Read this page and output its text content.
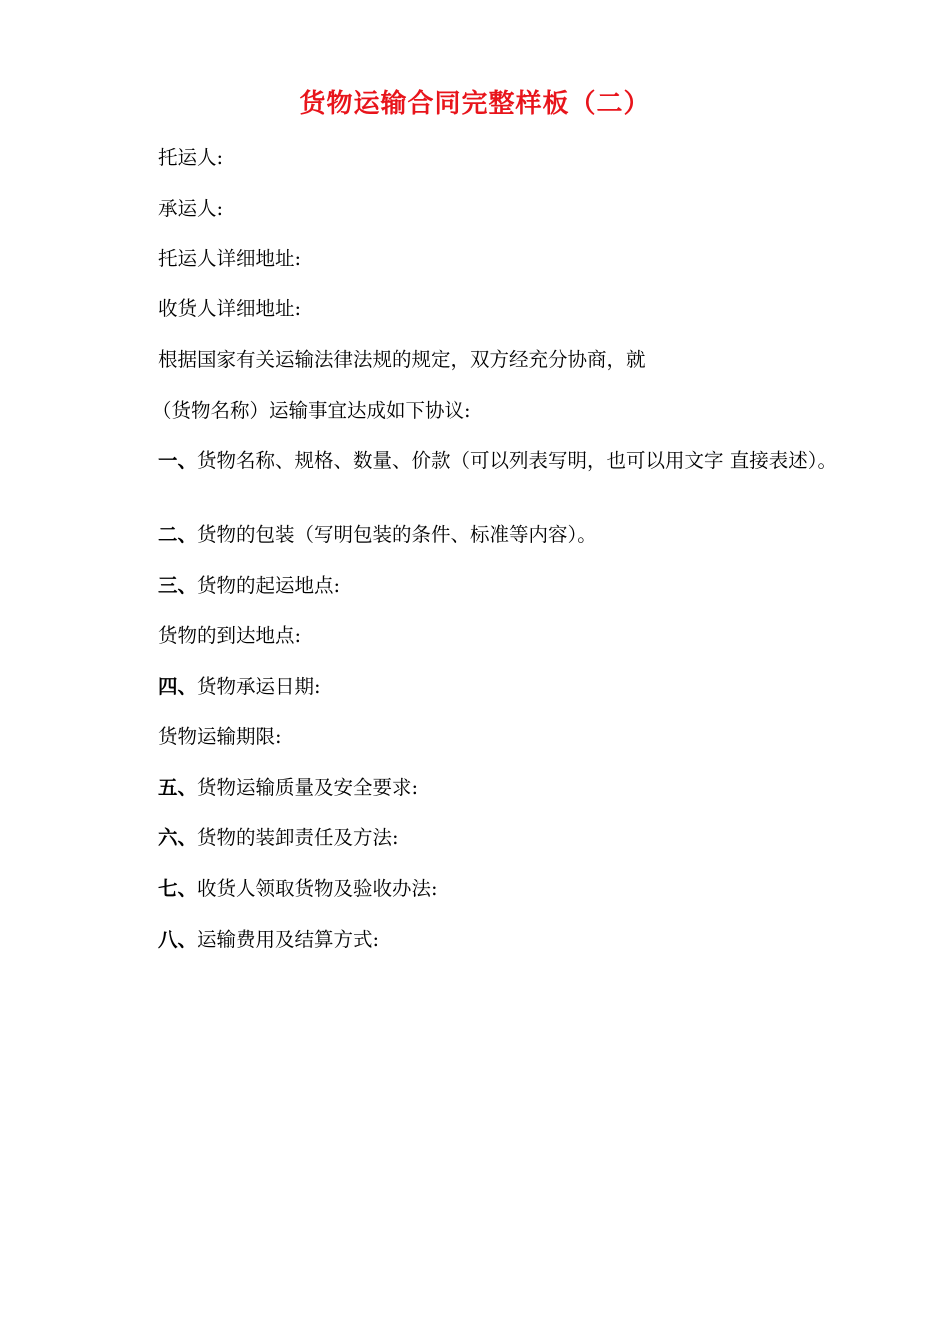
货物运输合同完整样板（二）
托运人:
承运人:
托运人详细地址:
收货人详细地址:
根据国家有关运输法律法规的规定，双方经充分协商，就
（货物名称）运输事宜达成如下协议:
一、货物名称、规格、数量、价款（可以列表写明，也可以用文字 直接表述）。
二、货物的包装（写明包装的条件、标准等内容）。
三、货物的起运地点:
货物的到达地点:
四、货物承运日期:
货物运输期限:
五、货物运输质量及安全要求:
六、货物的装卸责任及方法:
七、收货人领取货物及验收办法:
八、运输费用及结算方式:
